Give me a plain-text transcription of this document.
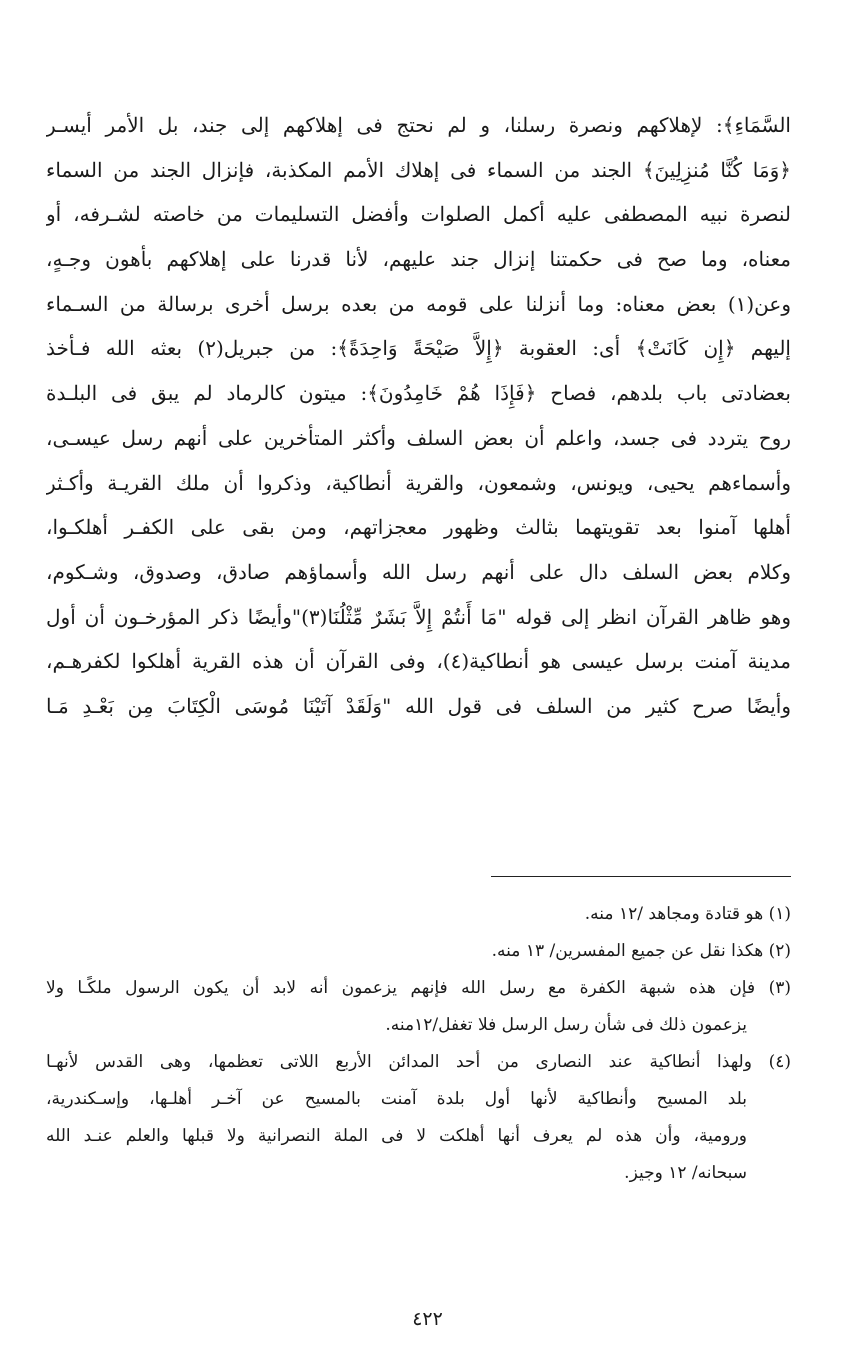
السَّمَاءِ﴾: لإهلاكهم ونصرة رسلنا، و لم نحتج فى إهلاكهم إلى جند، بل الأمر أيسـر
﴿وَمَا كُنَّا مُنزِلِينَ﴾ الجند من السماء فى إهلاك الأمم المكذبة، فإنزال الجند من السماء
لنصرة نبيه المصطفى عليه أكمل الصلوات وأفضل التسليمات من خاصته لشـرفه، أو
معناه، وما صح فى حكمتنا إنزال جند عليهم، لأنا قدرنا على إهلاكهم بأهون وجـهٍ،
وعن(١) بعض معناه: وما أنزلنا على قومه من بعده برسل أخرى برسالة من السـماء
إليهم ﴿إِن كَانَتْ﴾ أى: العقوبة ﴿إِلاَّ صَيْحَةً وَاحِدَةً﴾: من جبريل(٢) بعثه الله فـأخذ
بعضادتى باب بلدهم، فصاح ﴿فَإِذَا هُمْ خَامِدُونَ﴾: ميتون كالرماد لم يبق فى البلـدة
روح يتردد فى جسد، واعلم أن بعض السلف وأكثر المتأخرين على أنهم رسل عيسـى،
وأسماءهم يحيى، ويونس، وشمعون، والقرية أنطاكية، وذكروا أن ملك القريـة وأكـثر
أهلها آمنوا بعد تقويتهما بثالث وظهور معجزاتهم، ومن بقى على الكفـر أهلكـوا،
وكلام بعض السلف دال على أنهم رسل الله وأسماؤهم صادق، وصدوق، وشـكوم،
وهو ظاهر القرآن انظر إلى قوله "مَا أَنتُمْ إِلاَّ بَشَرٌ مِّثْلُنَا(٣)"وأيضًا ذكر المؤرخـون أن أول
مدينة آمنت برسل عيسى هو أنطاكية(٤)، وفى القرآن أن هذه القرية أهلكوا لكفرهـم،
وأيضًا صرح كثير من السلف فى قول الله "وَلَقَدْ آتَيْنَا مُوسَى الْكِتَابَ مِن بَعْـدِ مَـا
(١) هو قتادة ومجاهد /١٢ منه.
(٢) هكذا نقل عن جميع المفسرين/ ١٣ منه.
(٣) فإن هذه شبهة الكفرة مع رسل الله فإنهم يزعمون أنه لابد أن يكون الرسول ملكًـا ولا
يزعمون ذلك فى شأن رسل الرسل فلا تغفل/١٢منه.
(٤) ولهذا أنطاكية عند النصارى من أحد المدائن الأربع اللاتى تعظمها، وهى القدس لأنهـا
بلد المسيح وأنطاكية لأنها أول بلدة آمنت بالمسيح عن آخـر أهلـها، وإسـكندرية،
ورومية، وأن هذه لم يعرف أنها أهلكت لا فى الملة النصرانية ولا قبلها والعلم عنـد الله
سبحانه/ ١٢ وجيز.
٤٢٢
